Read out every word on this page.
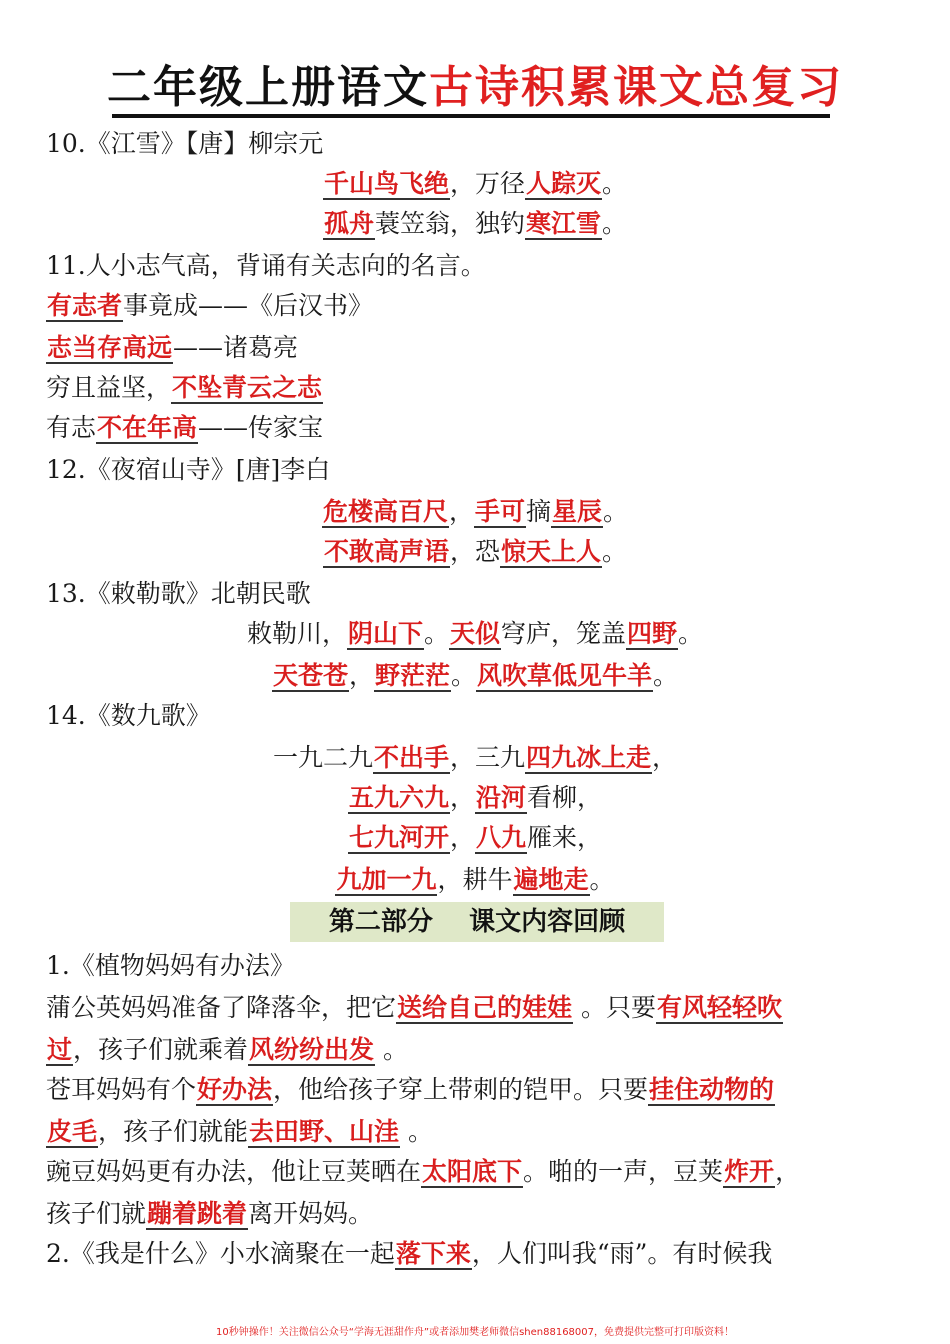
二年级上册语文古诗积累课文总复习
10.《江雪》【唐】柳宗元
千山鸟飞绝，万径人踪灭。
孤舟蓑笠翁，独钓寒江雪。
11.人小志气高，背诵有关志向的名言。
有志者事竟成——《后汉书》
志当存高远——诸葛亮
穷且益坚，不坠青云之志
有志不在年高——传家宝
12.《夜宿山寺》[唐]李白
危楼高百尺，手可摘星辰。
不敢高声语，恐惊天上人。
13.《敕勒歌》北朝民歌
敕勒川，阴山下。天似穹庐，笼盖四野。
天苍苍，野茫茫。风吹草低见牛羊。
14.《数九歌》
一九二九不出手，三九四九冰上走，
五九六九，沿河看柳，
七九河开，八九雁来，
九加一九，耕牛遍地走。
第二部分    课文内容回顾
1.《植物妈妈有办法》
蒲公英妈妈准备了降落伞，把它送给自己的娃娃 。只要有风轻轻吹
过，孩子们就乘着风纷纷出发 。
苍耳妈妈有个好办法，他给孩子穿上带刺的铠甲。只要挂住动物的
皮毛，孩子们就能去田野、山洼 。
豌豆妈妈更有办法，他让豆荚晒在太阳底下。啪的一声，豆荚炸开，
孩子们就蹦着跳着离开妈妈。
2.《我是什么》小水滴聚在一起落下来，人们叫我“雨”。有时候我
10秒钟操作！关注微信公众号“学海无涯甜作舟”或者添加樊老师微信shen88168007，免费提供完整可打印版资料！
